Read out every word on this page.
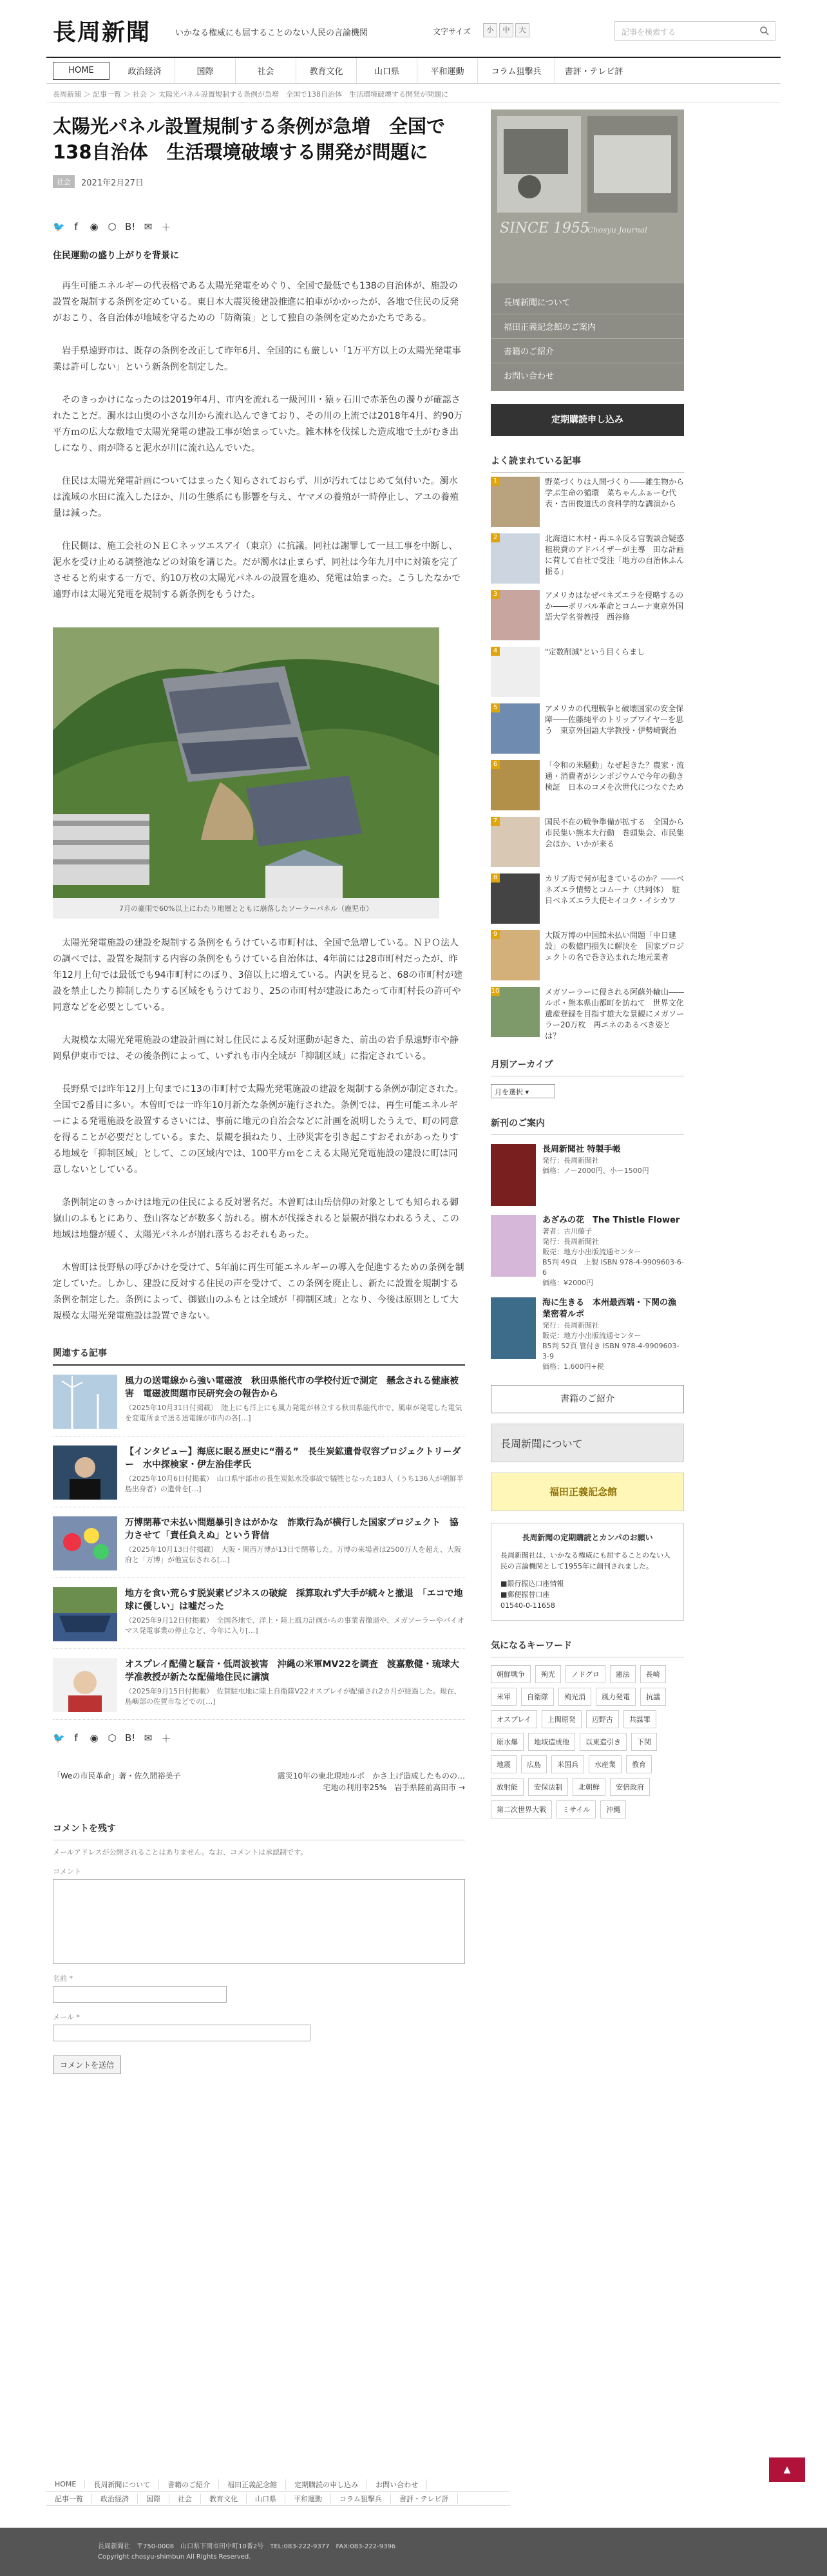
長周新聞	いかなる権威にも屈することのない人民の言論機関	文字サイズ	小	中	大	記事を検索する
HOME	政治経済	国際	社会	教育文化	山口県	平和運動	コラム狙撃兵	書評・テレビ評
長周新聞 ＞ 記事一覧 ＞ 社会 ＞ 太陽光パネル設置規制する条例が急増　全国で138自治体　生活環境破壊する開発が問題に
太陽光パネル設置規制する条例が急増　全国で138自治体　生活環境破壊する開発が問題に
社会	2021年2月27日
🐦 f	◉ ⬡ B! ✉ ＋
住民運動の盛り上がりを背景に

再生可能エネルギーの代表格である太陽光発電をめぐり、全国で最低でも138の自治体が、施設の設置を規制する条例を定めている。東日本大震災後建設推進に拍車がかかったが、各地で住民の反発がおこり、各自治体が地域を守るための「防衛策」として独自の条例を定めたかたちである。

岩手県遠野市は、既存の条例を改正して昨年6月、全国的にも厳しい「1万平方以上の太陽光発電事業は許可しない」という新条例を制定した。

そのきっかけになったのは2019年4月、市内を流れる一級河川・猿ヶ石川で赤茶色の濁りが確認されたことだ。濁水は山奥の小さな川から流れ込んできており、その川の上流では2018年4月、約90万平方ｍの広大な敷地で太陽光発電の建設工事が始まっていた。雑木林を伐採した造成地で土がむき出しになり、雨が降ると泥水が川に流れ込んでいた。

住民は太陽光発電計画についてはまったく知らされておらず、川が汚れてはじめて気付いた。濁水は流域の水田に流入したほか、川の生態系にも影響を与え、ヤマメの養殖が一時停止し、アユの養殖量は減った。

住民側は、施工会社のＮＥＣネッツエスアイ（東京）に抗議。同社は謝罪して一旦工事を中断し、泥水を受け止める調整池などの対策を講じた。だが濁水は止まらず、同社は今年九月中に対策を完了させると約束する一方で、約10万枚の太陽光パネルの設置を進め、発電は始まった。こうしたなかで遠野市は太陽光発電を規制する新条例をもうけた。

7月の豪雨で60%以上にわたり地層とともに崩落したソーラーパネル（鹿児市）

太陽光発電施設の建設を規制する条例をもうけている市町村は、全国で急増している。ＮＰＯ法人の調べでは、設置を規制する内容の条例をもうけている自治体は、4年前には28市町村だったが、昨年12月上旬では最低でも94市町村にのぼり、3倍以上に増えている。内訳を見ると、68の市町村が建設を禁止したり抑制したりする区域をもうけており、25の市町村が建設にあたって市町村長の許可や同意などを必要としている。

大規模な太陽光発電施設の建設計画に対し住民による反対運動が起きた、前出の岩手県遠野市や静岡県伊東市では、その後条例によって、いずれも市内全域が「抑制区域」に指定されている。

長野県では昨年12月上旬までに13の市町村で太陽光発電施設の建設を規制する条例が制定された。全国で2番目に多い。木曽町では一昨年10月新たな条例が施行された。条例では、再生可能エネルギーによる発電施設を設置するさいには、事前に地元の自治会などに計画を説明したうえで、町の同意を得ることが必要だとしている。また、景観を損ねたり、土砂災害を引き起こすおそれがあったりする地域を「抑制区域」として、この区域内では、100平方ｍをこえる太陽光発電施設の建設に町は同意しないとしている。

条例制定のきっかけは地元の住民による反対署名だ。木曽町は山岳信仰の対象としても知られる御嶽山のふもとにあり、登山客などが数多く訪れる。樹木が伐採されると景観が損なわれるうえ、この地域は地盤が緩く、太陽光パネルが崩れ落ちるおそれもあった。

木曽町は長野県の呼びかけを受けて、5年前に再生可能エネルギーの導入を促進するための条例を制定していた。しかし、建設に反対する住民の声を受けて、この条例を廃止し、新たに設置を規制する条例を制定した。条例によって、御嶽山のふもとは全域が「抑制区域」となり、今後は原則として大規模な太陽光発電施設は設置できない。

関連する記事
風力の送電線から強い電磁波　秋田県能代市の学校付近で測定　懸念される健康被害　電磁波問題市民研究会の報告から
（2025年10月31日付掲載）　陸上にも洋上にも風力発電が林立する秋田県能代市で、風車が発電した電気を変電所まで送る送電線が市内の各[…]
【インタビュー】海底に眠る歴史に“潜る”　長生炭鉱遺骨収容プロジェクトリーダー　水中探検家・伊左治佳孝氏
（2025年10月6日付掲載）　山口県宇部市の長生炭鉱水没事故で犠牲となった183人（うち136人が朝鮮半島出身者）の遺骨を[…]
万博閉幕で未払い問題暴引きはがかな　詐欺行為が横行した国家プロジェクト　協力させて「責任負えぬ」という背信
（2025年10月13日付掲載）　大阪・関西万博が13日で閉幕した。万博の来場者は2500万人を超え、大阪府と「万博」が他宣伝される[…]
地方を食い荒らす脱炭素ビジネスの破綻　採算取れず大手が続々と撤退　「エコで地球に優しい」は嘘だった
（2025年9月12日付掲載）　全国各地で、洋上・陸上風力計画からの事業者撤退や、メガソーラーやバイオマス発電事業の停止など、今年に入り[…]
オスプレイ配備と騒音・低周波被害　沖縄の米軍MV22を調査　渡嘉敷健・琉球大学准教授が新たな配備地住民に講演
（2025年9月15日付掲載）　佐賀駐屯地に陸上自衛隊V22オスプレイが配備され2カ月が経過した。現在、島嶼部の佐賀市などでの[…]
🐦 f	◉ ⬡ B! ✉ ＋
「Weの市民革命」著・佐久間裕美子	震災10年の東北現地ルポ　かさ上げ造成したものの…宅地の利用率25%　岩手県陸前高田市 →
コメントを残す
メールアドレスが公開されることはありません。なお、コメントは承認制です。
コメント
名前 *
メール *
コメントを送信
SINCE 1955
Chosyu Journal
長周新聞について
福田正義記念館のご案内
書籍のご紹介
お問い合わせ
定期購読申し込み
よく読まれている記事
1	野菜づくりは人間づくり――雑生物から学ぶ生命の循環　菜ちゃんふぁーむ代表・吉田俊道氏の食科学的な講演から
2	北海道に木村・再エネ反る官製談合疑惑　租税費のアドバイザーが主導　田な計画に荷して自社で受注「地方の自治体ふん揺る」
3	アメリカはなぜベネズエラを侵略するのか――ボリバル革命とコムーナ東京外国語大学名誉教授　西谷修
4	"定数削減"という目くらまし
5	アメリカの代理戦争と破壊国家の安全保障――佐藤純平のトリップワイヤーを思う　東京外国語大学教授・伊勢崎賢治
6	「令和の米騒動」なぜ起きた？農家・流通・消費者がシンポジウムで今年の動き検証　日本のコメを次世代につなぐため
7	国民不在の戦争準備が拡する　全国から市民集い熊本大行動　巻頭集会、市民集会ほか、いかが来る
8	カリブ海で何が起きているのか？――ベネズエラ情勢とコムーナ（共同体）　駐日ベネズエラ大使セイコク・イシカワ
9	大阪万博の中国館未払い問題「中日建設」の数億円損失に解決を　国家プロジェクトの名で巻き込まれた地元業者
10	メガソーラーに侵される阿蘇外輪山――ルポ・熊本県山都町を訪ねて　世界文化遺産登録を目指す雄大な景観にメガソーラー20万枚　再エネのあるべき姿とは？
月別アーカイブ
月を選択 ▾
新刊のご案内
長周新聞社 特製手帳
発行：長周新聞社
価格：ノー2000円、小ー1500円
あざみの花　The Thistle Flower
著者：古川藤子
発行：長周新聞社
販売：地方小出版流通センター
B5判 49頁　上製 ISBN 978-4-9909603-6-6
価格：¥2000円
海に生きる　本州最西端・下関の漁業密着ルポ
発行：長周新聞社
販売：地方小出版流通センター
B5判 52頁 管付き ISBN 978-4-9909603-3-9
価格：1,600円+税
書籍のご紹介
長周新聞について
福田正義記念館
長周新聞の定期購読とカンパのお願い
長周新聞社は、いかなる権威にも屈することのない人民の言論機関として1955年に創刊されました。
■銀行振込口座情報
■郵便振替口座
01540-0-11658
気になるキーワード
朝鮮戦争	殉光	ノドグロ	憲法	長崎
米軍	自衛隊	殉光消	風力発電	抗議
オスプレイ	上関原発	辺野古	共謀罪
原水爆	地域造成他	以東造引き	下関
地震	広島	米国兵	水産業	教育
放射能	安保法制	北朝鮮	安倍政府
第二次世界大戦	ミサイル	沖縄
▲
HOME	長周新聞について	書籍のご紹介	福田正義記念館	定期購読の申し込み	お問い合わせ
記事一覧	政治経済	国際	社会	教育文化	山口県	平和運動	コラム狙撃兵	書評・テレビ評
長周新聞社　〒750-0008　山口県下関市田中町10番2号　TEL:083-222-9377　FAX:083-222-9396
Copyright chosyu-shimbun All Rights Reserved.
